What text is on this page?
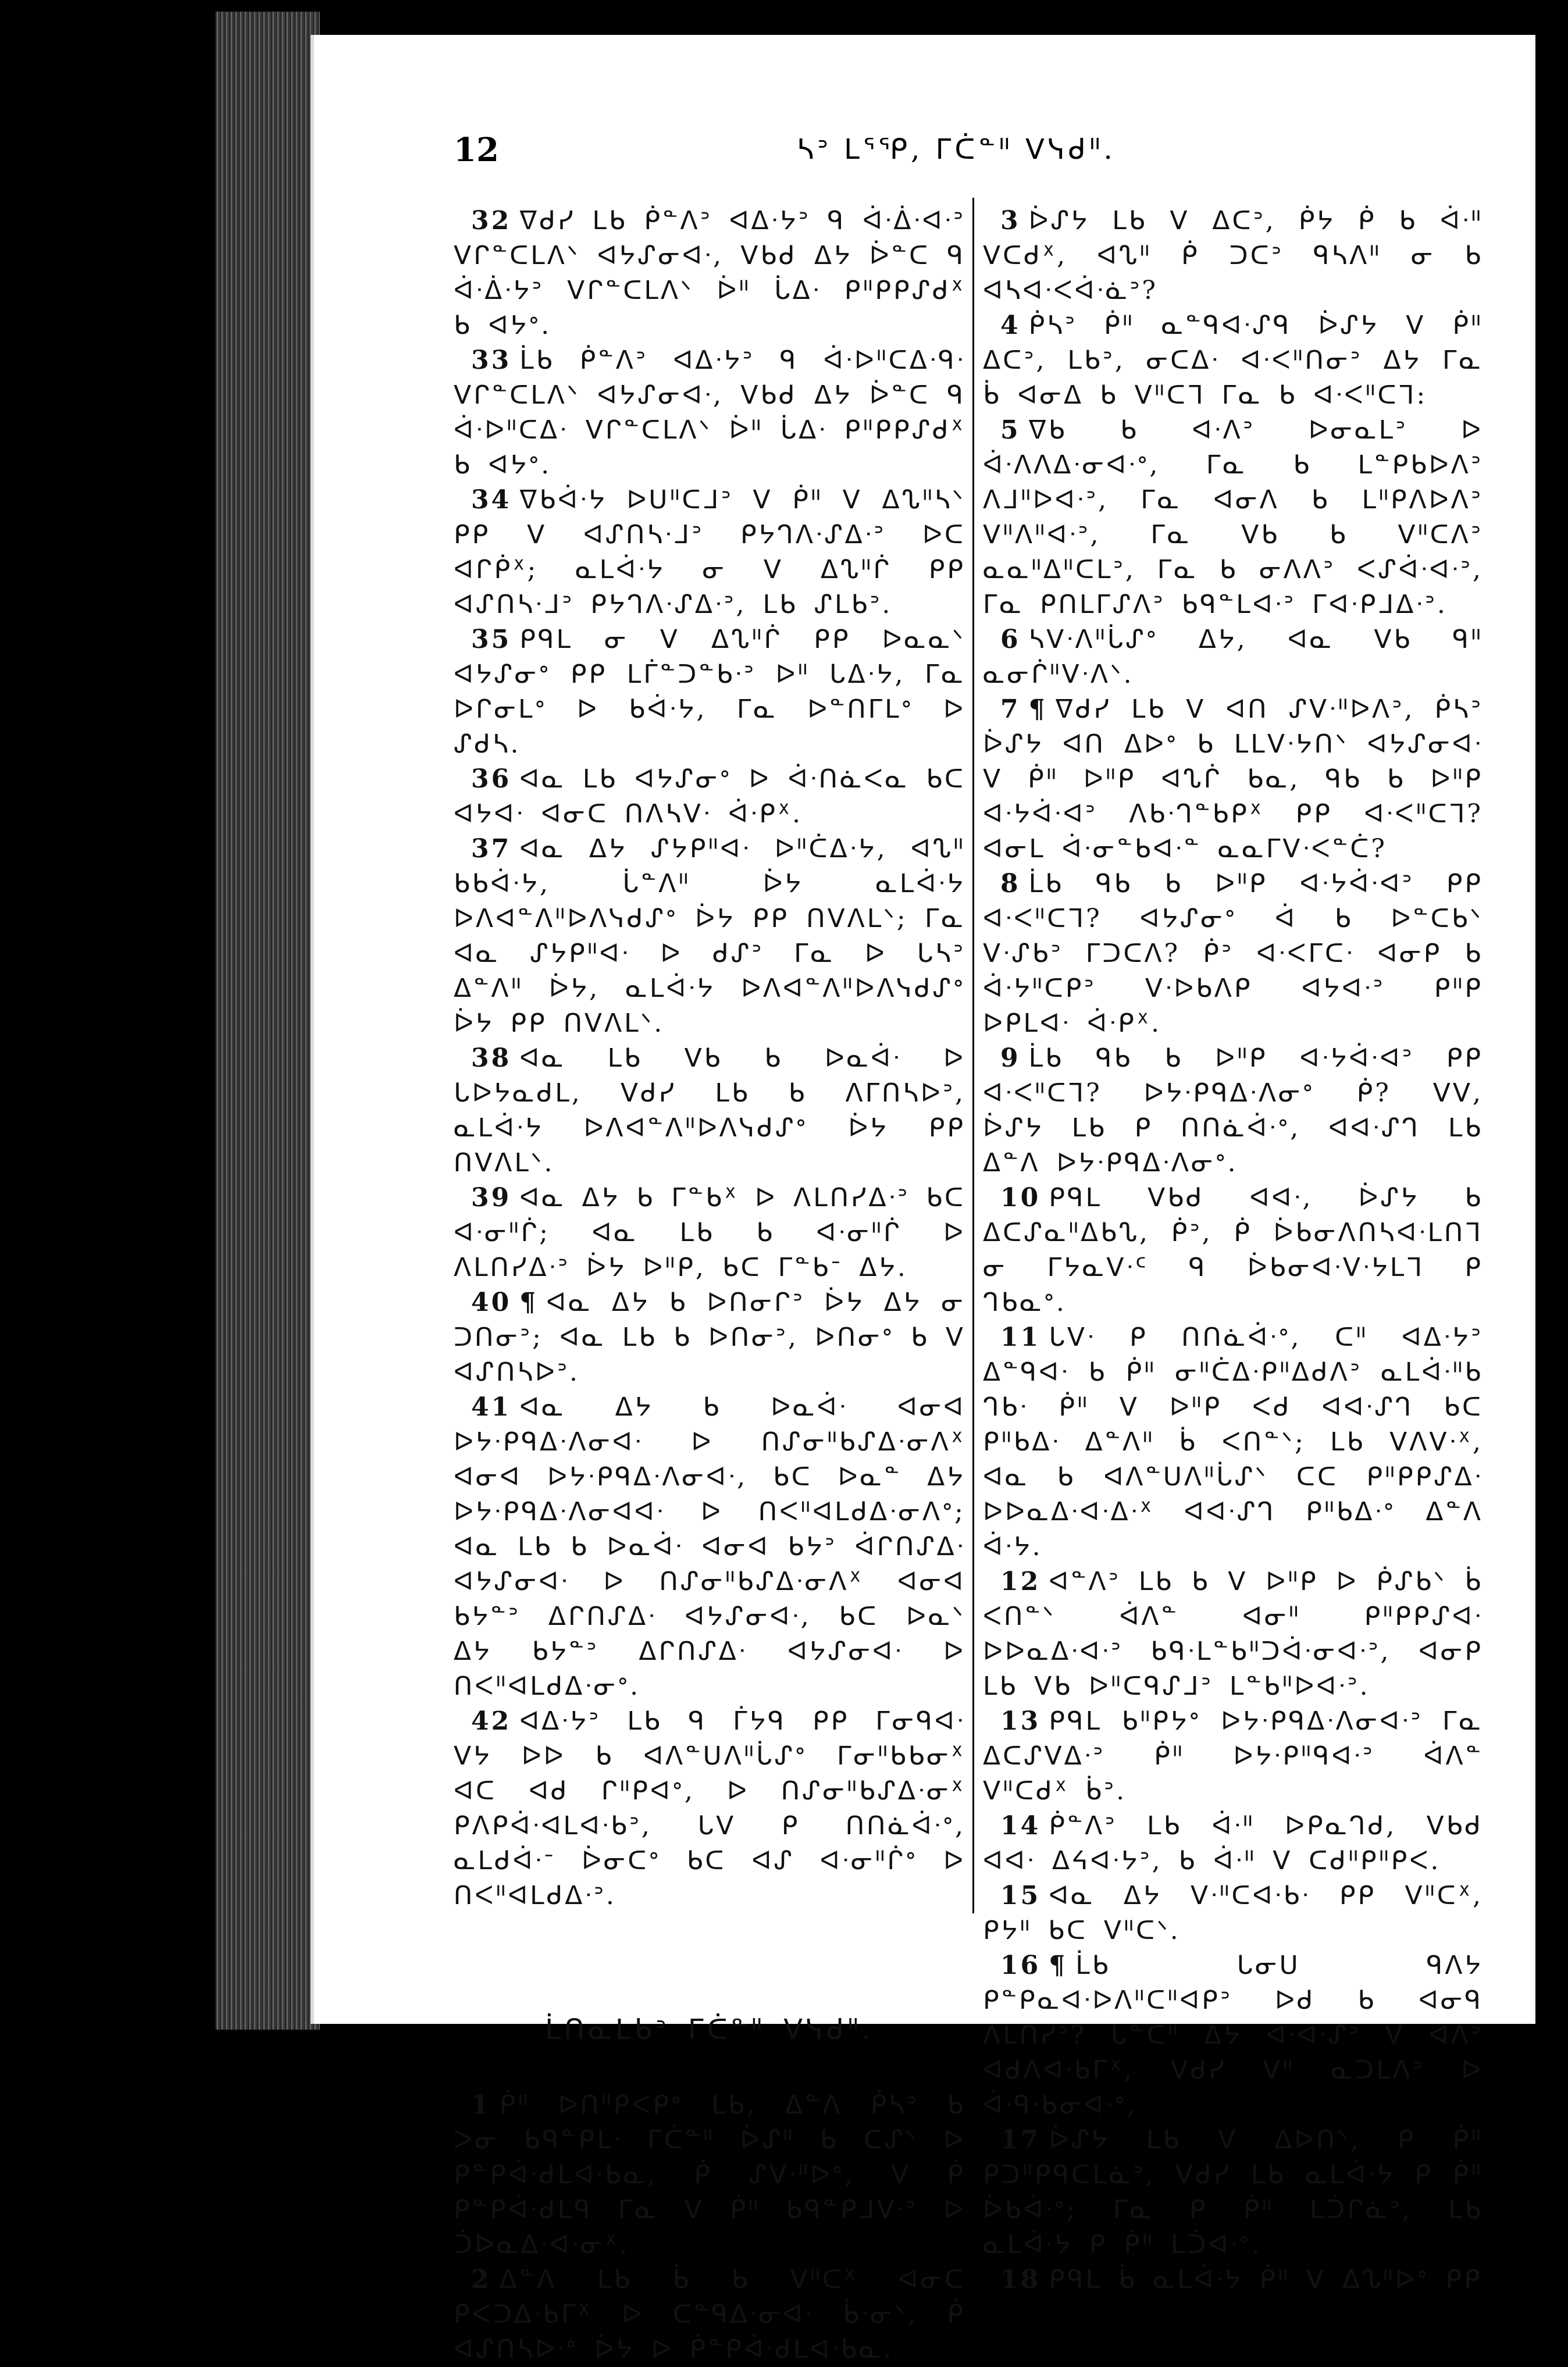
12	ᓴᐣ ᒪᕐᕿ, ᒥᑖᓐᐦ ᐯᓭᑯᐦ.

32 ᐁᑯᓯ ᒪᑲ ᑮᓐᐱᐣ ᐊᐃᐧᔭᐣ ᑫ ᐋᐧᐄᐧᐊᐧᐣ ᐯᒋᓐᑕᒪᐱᐠ ᐊᔭᔑᓂᐊᐧ, ᐯᑲᑯ ᐃᔭ ᐆᓐᑕ ᑫ ᐋᐧᐄᐧᔭᐣ ᐯᒋᓐᑕᒪᐱᐠ ᐆᐦ ᒑᐃᐧ ᑭᐦᑭᑭᔑᑯᕽ ᑲ ᐊᔭᐤ.

33 ᒫᑲ ᑮᓐᐱᐣ ᐊᐃᐧᔭᐣ ᑫ ᐋᐧᐅᐦᑕᐃᐧᑫᐧ ᐯᒋᓐᑕᒪᐱᐠ ᐊᔭᔑᓂᐊᐧ, ᐯᑲᑯ ᐃᔭ ᐆᓐᑕ ᑫ ᐋᐧᐅᐦᑕᐃᐧ ᐯᒋᓐᑕᒪᐱᐠ ᐆᐦ ᒑᐃᐧ ᑭᐦᑭᑭᔑᑯᕽ ᑲ ᐊᔭᐤ.

34 ᐁᑲᐋᐧᔭ ᐅᑌᐦᑕᒧᐣ ᐯ ᑮᐦ ᐯ ᐃᔐᐦᓴᐠ ᑭᑭ ᐯ ᐊᔑᑎᓴᐧᒧᐣ ᑭᔭᒉᐱᐧᔑᐃᐧᐣ ᐅᑕ ᐊᒋᑮᕽ; ᓇᒪᐋᐧᔭ ᓂ ᐯ ᐃᔐᐦᒌ ᑭᑭ ᐊᔑᑎᓴᐧᒧᐣ ᑭᔭᒉᐱᐧᔑᐃᐧᐣ, ᒪᑲ ᔑᒪᑲᐣ.

35 ᑭᑫᒪ ᓂ ᐯ ᐃᔐᐦᒌ ᑭᑭ ᐅᓇᓇᐠ ᐊᔭᔑᓂᐤ ᑭᑭ ᒪᒦᓐᑐᓐᑲᐧᐣ ᐅᐦ ᒐᐃᐧᔭ, ᒥᓇ ᐅᒋᓂᒪᐤ ᐅ ᑲᐋᐧᔭ, ᒥᓇ ᐅᓐᑎᒥᒪᐤ ᐅ ᔑᑯᓴ.

36 ᐊᓇ ᒪᑲ ᐊᔭᔑᓂᐤ ᐅ ᐋᐧᑎᓈᐸᓇ ᑲᑕ ᐊᔭᐊᐧ ᐊᓂᑕ ᑎᐱᓴᐯᐧ ᐋᐧᑭᕽ.

37 ᐊᓇ ᐃᔭ ᔑᔭᑭᐦᐊᐧ ᐅᐦᑖᐃᐧᔭ, ᐊᔐᐦ ᑲᑲᐋᐧᔭ, ᒑᓐᐱᐦ ᐆᔭ ᓇᒪᐋᐧᔭ ᐅᐱᐊᓐᐱᐦᐅᐱᓭᑯᔑᐤ ᐆᔭ ᑭᑭ ᑎᐯᐱᒪᐠ; ᒥᓇ ᐊᓇ ᔑᔭᑭᐦᐊᐧ ᐅ ᑯᔑᐣ ᒥᓇ ᐅ ᒐᓴᐣ ᐃᓐᐱᐦ ᐆᔭ, ᓇᒪᐋᐧᔭ ᐅᐱᐊᓐᐱᐦᐅᐱᓭᑯᔑᐤ ᐆᔭ ᑭᑭ ᑎᐯᐱᒪᐠ.

38 ᐊᓇ ᒪᑲ ᐯᑲ ᑲ ᐅᓇᐋᐧ ᐅ ᒐᐅᔭᓇᑯᒪ, ᐯᑯᓯ ᒪᑲ ᑲ ᐱᒥᑎᓴᐅᐣ, ᓇᒪᐋᐧᔭ ᐅᐱᐊᓐᐱᐦᐅᐱᓭᑯᔑᐤ ᐆᔭ ᑭᑭ ᑎᐯᐱᒪᐠ.

39 ᐊᓇ ᐃᔭ ᑲ ᒥᓐᑲᕽ ᐅ ᐱᒪᑎᓯᐃᐧᐣ ᑲᑕ ᐊᐧᓂᐦᒌ; ᐊᓇ ᒪᑲ ᑲ ᐊᐧᓂᐦᒌ ᐅ ᐱᒪᑎᓯᐃᐧᐣ ᐆᔭ ᐅᐦᑭ, ᑲᑕ ᒥᓐᑲᐨ ᐃᔭ.

40 ¶ ᐊᓇ ᐃᔭ ᑲ ᐅᑎᓂᒋᐣ ᐆᔭ ᐃᔭ ᓂ ᑐᑎᓂᐣ; ᐊᓇ ᒪᑲ ᑲ ᐅᑎᓂᐣ, ᐅᑎᓂᐤ ᑲ ᐯ ᐊᔑᑎᓴᐅᐣ.

41 ᐊᓇ ᐃᔭ ᑲ ᐅᓇᐋᐧ ᐊᓂᐊ ᐅᔭᐧᑭᑫᐃᐧᐱᓂᐊᐧ ᐅ ᑎᔑᓂᐦᑲᔑᐃᐧᓂᐱᕽ ᐊᓂᐊ ᐅᔭᐧᑭᑫᐃᐧᐱᓂᐊᐧ, ᑲᑕ ᐅᓇᓐ ᐃᔭ ᐅᔭᐧᑭᑫᐃᐧᐱᓂᐊᐊᐧ ᐅ ᑎᐸᐦᐊᒪᑯᐃᐧᓂᐱᐤ; ᐊᓇ ᒪᑲ ᑲ ᐅᓇᐋᐧ ᐊᓂᐊ ᑲᔭᐣ ᐋᒋᑎᔑᐃᐧ ᐊᔭᔑᓂᐊᐧ ᐅ ᑎᔑᓂᐦᑲᔑᐃᐧᓂᐱᕽ ᐊᓂᐊ ᑲᔭᓐᐣ ᐃᒋᑎᔑᐃᐧ ᐊᔭᔑᓂᐊᐧ, ᑲᑕ ᐅᓇᐠ ᐃᔭ ᑲᔭᓐᐣ ᐃᒋᑎᔑᐃᐧ ᐊᔭᔑᓂᐊᐧ ᐅ ᑎᐸᐦᐊᒪᑯᐃᐧᓂᐤ.

42 ᐊᐃᐧᔭᐣ ᒪᑲ ᑫ ᒦᔭᑫ ᑭᑭ ᒥᓂᑫᐊᐧ ᐯᔭ ᐅᐅ ᑲ ᐊᐱᓐᑌᐱᐦᒑᔑᐤ ᒥᓂᐦᑲᑲᓂᕽ ᐊᑕ ᐊᑯ ᒋᐦᑭᐊᐤ, ᐅ ᑎᔑᓂᐦᑲᔑᐃᐧᓂᕽ ᑭᐱᑭᐋᐧᐊᒪᐊᐧᑲᐣ, ᒐᐯ ᑭ ᑎᑎᓈᐋᐧᐤ, ᓇᒪᑯᐋᐧᐨ ᐆᓂᑕᐤ ᑲᑕ ᐊᔑ ᐊᐧᓂᐦᒌᐤ ᐅ ᑎᐸᐦᐊᒪᑯᐃᐧᐣ.

ᒫᑎᓇᒪᑲᐣ ᒥᑖᓐᐦ ᐯᓭᑯᐦ.

1 ᑮᐦ ᐅᑎᐦᑭᐸᑭᐤ ᒪᑲ, ᐃᓐᐱ ᑮᓴᐣ ᑲ ᐳᓂ ᑲᑫᓐᑭᒪᐧ ᒥᑖᓐᐦ ᐆᔑᐦ ᑲ ᑕᔑᐠ ᐅ ᑭᓐᑭᐋᐧᑯᒪᐊᐧᑲᓇ, ᑮ ᔑᐯᐧᐦᐅᐤ, ᐯ ᑮ ᑭᓐᑭᐋᐧᑯᒪᑫ ᒥᓇ ᐯ ᑮᐦ ᑲᑫᓐᑭᒧᐯᐧᐣ ᐅ ᑑᐅᓇᐃᐧᐊᐧᓂᕽ.

2 ᐃᓐᐱ ᒪᑲ ᑳ ᑲ ᐯᐦᑕᕽ ᐊᓂᑕ ᑭᐸᑐᐃᐧᑲᒥᕽ ᐅ ᑕᓐᑫᐃᐧᓂᐊᐧ ᑳᐧᓂᐠ, ᑮ ᐊᔑᑎᓴᐅᐧᐤ ᐆᔭ ᐅ ᑮᓐᑭᐋᐧᑯᒪᐊᐧᑲᓇ.

3 ᐆᔑᔭ ᒪᑲ ᐯ ᐃᑕᐣ, ᑮᔭ ᑮ ᑲ ᐋᐧᐦ ᐯᑕᑯᕽ, ᐊᔐᐦ ᑮ ᑐᑕᐣ ᑫᓴᐱᐦ ᓂ ᑲ ᐊᓴᐊᐧᐸᐋᐧᓈᐣ?

4 ᑮᓴᐣ ᑮᐦ ᓇᓐᑫᐊᐧᔑᑫ ᐆᔑᔭ ᐯ ᑮᐦ ᐃᑕᐣ, ᒪᑲᐣ, ᓂᑕᐃᐧ ᐊᐧᐸᐦᑎᓂᐣ ᐃᔭ ᒥᓇ ᑳ ᐊᓂᐃ ᑲ ᐯᐦᑕᒣ ᒥᓇ ᑲ ᐊᐧᐸᐦᑕᒣ:

5 ᐁᑲ ᑲ ᐊᐧᐱᐣ ᐅᓂᓇᒪᐣ ᐅ ᐋᐧᐱᐱᐃᐧᓂᐊᐧᐤ, ᒥᓇ ᑲ ᒪᓐᑭᑲᐅᐱᐣ ᐱᒧᐦᐅᐊᐧᐣ, ᒥᓇ ᐊᓂᐱ ᑲ ᒪᐦᑭᐱᐅᐱᐣ ᐯᐦᐱᐦᐊᐧᐣ, ᒥᓇ ᐯᑲ ᑲ ᐯᐦᑕᐱᐣ ᓇᓇᐦᐃᐦᑕᒪᐣ, ᒥᓇ ᑲ ᓂᐱᐱᐣ ᐸᔑᐋᐧᐊᐧᐣ, ᒥᓇ ᑭᑎᒪᒥᔑᐱᐣ ᑲᑫᓐᒪᐊᐧᐣ ᒥᐊᐧᑭᒧᐃᐧᐣ.

6 ᓴᐯᐧᐱᐦᒑᔑᐤ ᐃᔭ, ᐊᓇ ᐯᑲ ᑫᐦ ᓇᓂᒌᐦᐯᐧᐱᐠ.

7 ¶ ᐁᑯᓯ ᒪᑲ ᐯ ᐊᑎ ᔑᐯᐧᐦᐅᐱᐣ, ᑮᓴᐣ ᐆᔑᔭ ᐊᑎ ᐃᐅᐤ ᑲ ᒪᒪᐯᐧᔭᑎᐠ ᐊᔭᔑᓂᐊᐧ ᐯ ᑮᐦ ᐅᐦᑭ ᐊᔐᒌ ᑲᓇ, ᑫᑲ ᑲ ᐅᐦᑭ ᐊᐧᔭᐋᐧᐊᐣ ᐱᑲᐧᒉᓐᑲᑭᕽ ᑭᑭ ᐊᐧᐸᐦᑕᒣ? ᐊᓂᒪ ᐋᐧᓂᓐᑲᐊᐧᓐ ᓇᓇᒥᐯᐧᐸᓐᑖ?

8 ᒫᑲ ᑫᑲ ᑲ ᐅᐦᑭ ᐊᐧᔭᐋᐧᐊᐣ ᑭᑭ ᐊᐧᐸᐦᑕᒣ? ᐊᔭᔑᓂᐤ ᐋ ᑲ ᐅᓐᑕᑲᐠ ᐯᐧᔑᑲᐣ ᒥᑐᑕᐱ? ᑮᐣ ᐊᐧᐸᒥᑕᐧ ᐊᓂᑭ ᑲ ᐋᐧᔭᐦᑕᑭᐣ ᐯᐧᐅᑲᐱᑭ ᐊᔭᐊᐧᐣ ᑭᐦᑭ ᐅᑭᒪᐊᐧ ᐋᐧᑭᕽ.

9 ᒫᑲ ᑫᑲ ᑲ ᐅᐦᑭ ᐊᐧᔭᐋᐧᐊᐣ ᑭᑭ ᐊᐧᐸᐦᑕᒣ? ᐅᔭᐧᑭᑫᐃᐧᐱᓂᐤ ᑮ? ᐯᐯ, ᐆᔑᔭ ᒪᑲ ᑭ ᑎᑎᓈᐋᐧᐤ, ᐊᐊᐧᔑᒉ ᒪᑲ ᐃᓐᐱ ᐅᔭᐧᑭᑫᐃᐧᐱᓂᐤ.

10 ᑭᑫᒪ ᐯᑲᑯ ᐊᐊᐧ, ᐆᔑᔭ ᑲ ᐃᑕᔑᓇᐦᐃᑲᔐ, ᑮᐣ, ᑮ ᐆᑲᓂᐱᑎᓴᐊᐧᒪᑎᒣ ᓂ ᒥᔭᓇᐯᐧᑦ ᑫ ᐆᑲᓂᐊᐧᐯᐧᔭᒪᒣ ᑭ ᒉᑲᓇᐤ.

11 ᒐᐯᐧ ᑭ ᑎᑎᓈᐋᐧᐤ, ᑕᐦ ᐊᐃᐧᔭᐣ ᐃᓐᑫᐊᐧ ᑲ ᑮᐦ ᓂᐦᑖᐃᐧᑭᐦᐃᑯᐱᐣ ᓇᒪᐋᐧᐦᑲ ᒉᑲᐧ ᑮᐦ ᐯ ᐅᐦᑭ ᐸᑯ ᐊᐊᐧᔑᒉ ᑲᑕ ᑭᐦᑲᐃᐧ ᐃᓐᐱᐦ ᑳ ᐸᑎᓐᐠ; ᒪᑲ ᐯᐱᐯᐧᕽ, ᐊᓇ ᑲ ᐊᐱᓐᑌᐱᐦᒑᔑᐠ ᑕᑕ ᑭᐦᑭᑭᔑᐃᐧ ᐅᐅᓇᐃᐧᐊᐧᐃᐧᕽ ᐊᐊᐧᔑᒉ ᑭᐦᑲᐃᐧᐤ ᐃᓐᐱ ᐋᐧᔭ.

12 ᐊᓐᐱᐣ ᒪᑲ ᑲ ᐯ ᐅᐦᑭ ᐅ ᑮᔑᑲᐠ ᑳ ᐸᑎᓐᐠ ᐋᐱᓐ ᐊᓂᐦ ᑭᐦᑭᑭᔑᐊᐧ ᐅᐅᓇᐃᐧᐊᐧᐣ ᑲᑫᐧᒪᓐᑲᐦᑐᐋᐧᓂᐊᐧᐣ, ᐊᓂᑭ ᒪᑲ ᐯᑲ ᐅᐦᑕᑫᔑᒧᐣ ᒪᓐᑲᐦᐅᐊᐧᐣ.

13 ᑭᑫᒪ ᑲᐦᑭᔭᐤ ᐅᔭᐧᑭᑫᐃᐧᐱᓂᐊᐧᐣ ᒥᓇ ᐃᑕᔑᐯᐃᐧᐣ ᑮᐦ ᐅᔭᐧᑭᐦᑫᐊᐧᐣ ᐋᐱᓐ ᐯᐦᑕᑯᕽ ᑳᐣ.

14 ᑮᓐᐱᐣ ᒪᑲ ᐋᐧᐦ ᐅᑭᓇᒉᑯ, ᐯᑲᑯ ᐊᐊᐧ ᐃᔦᐊᐧᔭᐣ, ᑲ ᐋᐧᐦ ᐯ ᑕᑯᐦᑭᐦᑭᐸ.

15 ᐊᓇ ᐃᔭ ᐯᐧᐦᑕᐊᐧᑲᐧ ᑭᑭ ᐯᐦᑕᕽ, ᑭᔭᐦ ᑲᑕ ᐯᐦᑕᐠ.

16 ¶ ᒫᑲ ᒐᓂᑌ ᑫᐱᔭ ᑭᓐᑭᓇᐊᐧᐅᐱᐦᑕᐦᐊᑭᐣ ᐅᑯ ᑲ ᐊᓂᑫ ᐱᒪᑎᓯᐣ? ᒐᓐᑕᐦ ᐃᔭ ᐊᐧᐊᐧᔑᐣ ᐯ ᐊᐱᐣ ᐊᑯᐱᐊᐧᑲᒥᕽ, ᐯᑯᓯ ᐯᐦ ᓇᑐᒪᐱᐣ ᐅ ᐋᐧᑫᐧᑲᓂᐊᐧᐤ,

17 ᐆᔑᔭ ᒪᑲ ᐯ ᐃᐅᑎᐠ, ᑭ ᑮᐦ ᑭᑐᐦᑭᑫᑕᒪᓈᐣ, ᐯᑯᓯ ᒪᑲ ᓇᒪᐋᐧᔭ ᑭ ᑮᐦ ᐆᑲᐋᐧᐤ; ᒥᓇ ᑭ ᑮᐦ ᒪᑑᒋᓈᐣ, ᒪᑲ ᓇᒪᐋᐧᔭ ᑭ ᑮᐦ ᒪᑑᐊᐧᐤ.

18 ᑭᑫᒪ ᑳ ᓇᒪᐋᐧᔭ ᑮᐦ ᐯ ᐃᔐᐦᐅᐤ ᑭᑭ
